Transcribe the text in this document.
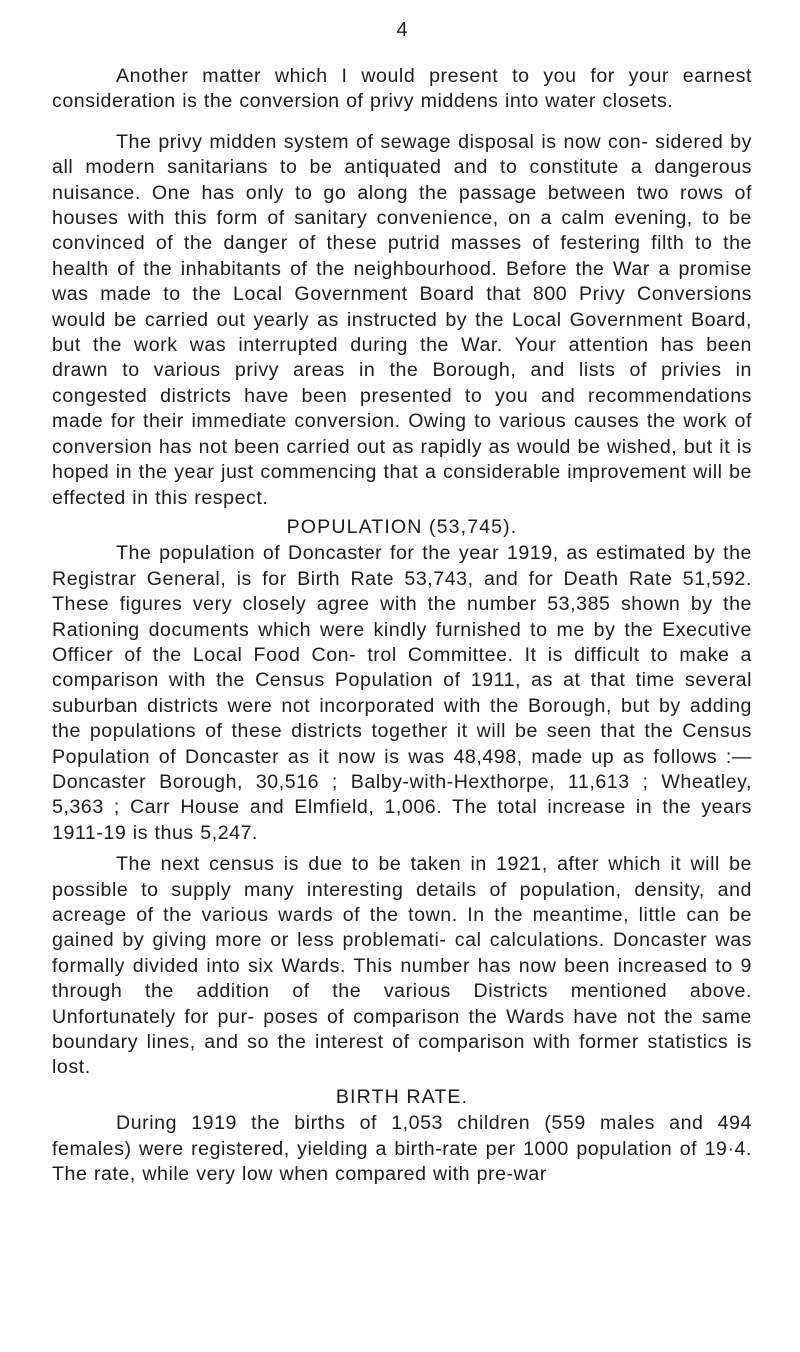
4

Another matter which I would present to you for your earnest consideration is the conversion of privy middens into water closets.

The privy midden system of sewage disposal is now con- sidered by all modern sanitarians to be antiquated and to constitute a dangerous nuisance. One has only to go along the passage between two rows of houses with this form of sanitary convenience, on a calm evening, to be convinced of the danger of these putrid masses of festering filth to the health of the inhabitants of the neighbourhood. Before the War a promise was made to the Local Government Board that 800 Privy Conversions would be carried out yearly as instructed by the Local Government Board, but the work was interrupted during the War. Your attention has been drawn to various privy areas in the Borough, and lists of privies in congested districts have been presented to you and recommendations made for their immediate conversion. Owing to various causes the work of conversion has not been carried out as rapidly as would be wished, but it is hoped in the year just commencing that a considerable improvement will be effected in this respect.

POPULATION (53,745).

The population of Doncaster for the year 1919, as estimated by the Registrar General, is for Birth Rate 53,743, and for Death Rate 51,592. These figures very closely agree with the number 53,385 shown by the Rationing documents which were kindly furnished to me by the Executive Officer of the Local Food Con- trol Committee. It is difficult to make a comparison with the Census Population of 1911, as at that time several suburban districts were not incorporated with the Borough, but by adding the populations of these districts together it will be seen that the Census Population of Doncaster as it now is was 48,498, made up as follows :—Doncaster Borough, 30,516 ; Balby-with-Hexthorpe, 11,613 ; Wheatley, 5,363 ; Carr House and Elmfield, 1,006. The total increase in the years 1911-19 is thus 5,247.

The next census is due to be taken in 1921, after which it will be possible to supply many interesting details of population, density, and acreage of the various wards of the town. In the meantime, little can be gained by giving more or less problemati- cal calculations. Doncaster was formally divided into six Wards. This number has now been increased to 9 through the addition of the various Districts mentioned above. Unfortunately for pur- poses of comparison the Wards have not the same boundary lines, and so the interest of comparison with former statistics is lost.

BIRTH RATE.

During 1919 the births of 1,053 children (559 males and 494 females) were registered, yielding a birth-rate per 1000 population of 19·4. The rate, while very low when compared with pre-war
